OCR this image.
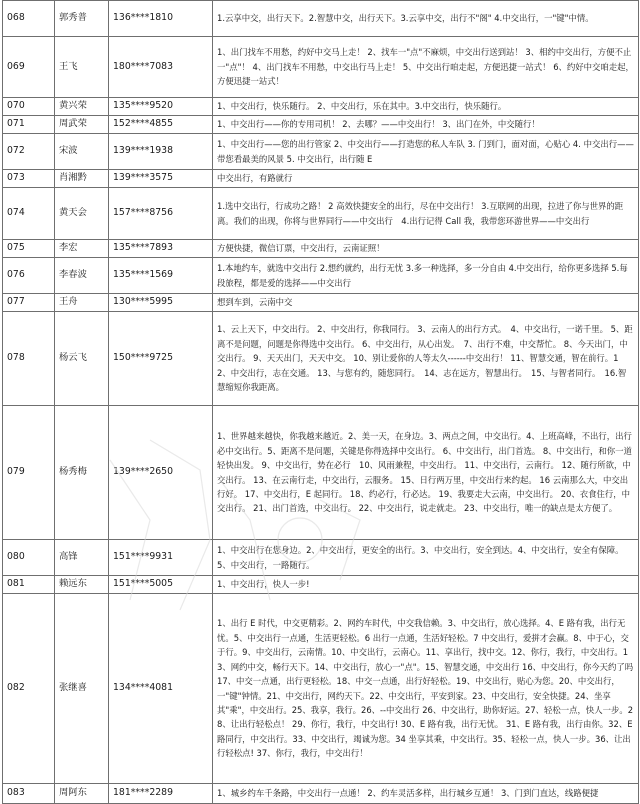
068	郭秀普	136****1810	1.云享中交，出行天下。2.智慧中交，出行天下。3.云享中交，出行不"阁" 4.中交出行，一"键"中情。
069	王飞	180****7083	1、出门找车不用愁，约好中交马上走！ 2、找车一"点"不麻烦，中交出行送到站！ 3、相约中交出行，方便不止一"点"！ 4、出门找车不用愁，中交出行马上走！ 5、中交出行咱走起，方便迅捷一站式！ 6、约好中交咱走起，方便迅捷一站式！
070	黄兴荣	135****9520	1、中交出行，快乐随行。 2、中交出行，乐在其中。3.中交出行，快乐随行。
071	周武荣	152****4855	1、中交出行——你的专用司机！ 2、去哪？——中交出行！ 3、出门在外，中交随行！
072	宋波	139****1938	1、中交出行——您的出行管家 2、中交出行——打造您的私人车队 3. 门到门，面对面，心贴心 4. 中交出行——带您看最美的风景 5. 中交出行，出行随 E
073	肖湘黔	139****3575	中交出行，有路就行
074	黄天会	157****8756	1.选中交出行，行成功之路！ 2 高效快捷安全的出行，尽在中交出行！ 3.互联网的出现，拉进了你与世界的距离。我们的出现，你将与世界同行——中交出行　4.出行记得 Call 我，我带您环游世界——中交出行
075	李宏	135****7893	方便快捷，微信订票，中交出行，云南证照！
076	李春波	135****1569	1.本地约车，就选中交出行 2.想约就约，出行无忧 3.多一种选择，多一分自由 4.中交出行，给你更多选择 5.每段旅程，都是爱的选择——中交出行
077	王舟	130****5995	想到车到，云南中交
078	杨云飞	150****9725	1、云上天下，中交出行。 2、中交出行，你我同行。 3、云南人的出行方式。　4、中交出行，一诺千里。 5、距离不是问题，问题是你得选中交出行。 6、中交出行，从心出发。　7、出行不难，中交帮忙。 8、今天出门，中交出行。 9、天天出门，天天中交。 10、别让爱你的人等太久------中交出行！ 11、智慧交通，智在前行。1 2、中交出行，志在交通。 13、与您有约，随您同行。　14、志在远方，智慧出行。　15、与智者同行。　16.智慧缩短你我距离。
079	杨秀梅	139****2650	1、世界越来越快，你我越来越近。2、美一天，在身边。3、两点之间，中交出行。4、上班高峰，不出行，出行必中交出行。5、距离不是问题，关键是你得选择中交出行。 6、中交出行，出门首选。 8、中交出行，和你一道轻快出发。 9、中交出行，势在必行　10、风雨兼程，中交出行。 11、中交出行，云南行。 12、随行所欲，中交出行。 13、在云南行走，中交出行，云服务。 15、日行两万里，中交出行来约起。 16 云南那么大，中交出行好。 17、中交出行，E 起同行。 18、约必行，行必达。 19、我要走大云南，中交出行。 20、衣食住行，中交出行。 21、出门首选，中交出行。 22、中交出行，说走就走。 23、中交出行，唯一的缺点是太方便了。
080	高锋	151****9931	1、中交出行在您身边。2、中交出行，更安全的出行。3、中交出行，安全到达。4、中交出行，安全有保障。5、中交出行，一路随行。
081	赖远东	151****5005	1、中交出行，快人一步!
082	张继喜	134****4081	1、出行 E 时代，中交更精彩。2、网约车时代，中交我信赖。3、中交出行，放心选择。4、E 路有我，出行无忧。5、中交出行一点通，生活更轻松。6 出行一点通，生活好轻松。7 中交出行，爱拼才会赢。8、中于心，交于行。9、中交出行，云南情。10、中交出行，云南心。11、享出行，找中交。12、你行，我行，中交出行。13、网约中交，畅行天下。14、中交出行，放心一"点"。15、智慧交通，中交出行 16、中交出行，你今天约了吗 17、中交一点通，出行更轻松。18、中交一点通，出行好轻松。19、中交出行，贴心为您。20、中交出行，一"键"钟情。21、中交出行，网约天下。22、中交出行，平安到家。23、中交出行，安全快捷。24、坐享其"乘"，中交出行。25、我享，我行。26、--中交出行 26、中交出行，助你好运。27、轻松一点，快人一步。28、让出行轻松点！ 29、你行，我行，中交出行! 30、E 路有我，出行无忧。 31、E 路有我，出行由你。32、E 路同行，中交出行。33、中交出行，竭诚为您。34 坐享其乘，中交出行。35、轻松一点，快人一步。36、让出行轻松点! 37、你行，我行，中交出行！
083	周阿东	181****2289	1、城乡约车千条路，中交出行一点通！ 2、约车灵活多样，出行城乡互通！ 3、门到门直达，线路便捷
